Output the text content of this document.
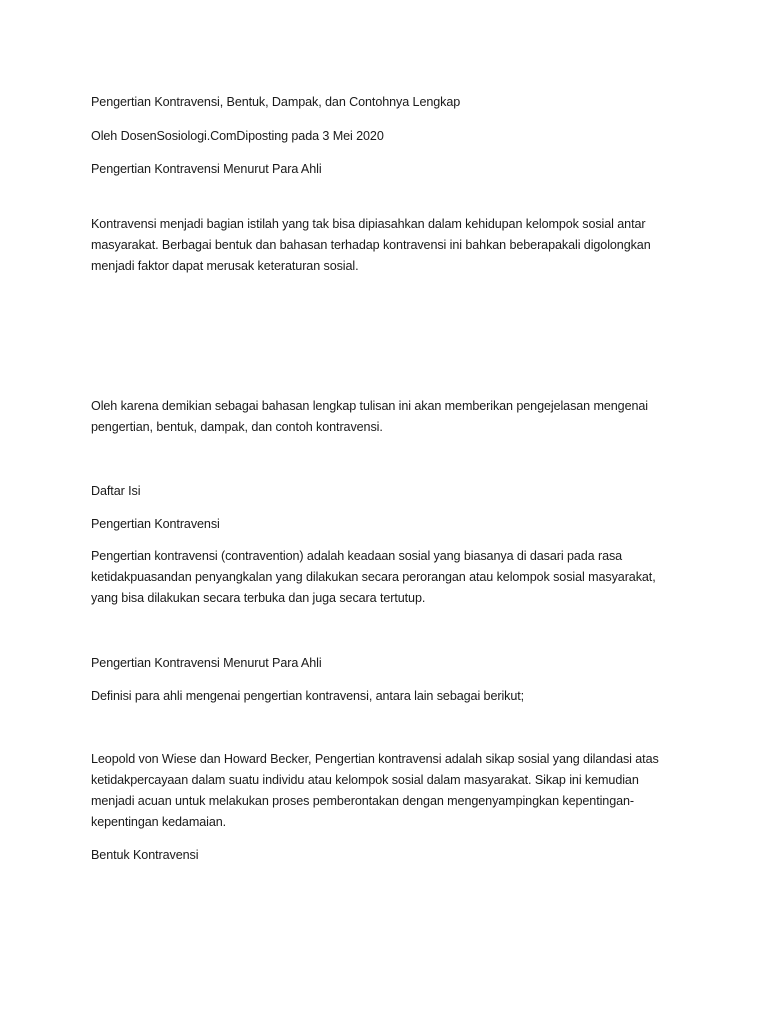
Pengertian Kontravensi, Bentuk, Dampak, dan Contohnya Lengkap

Oleh DosenSosiologi.ComDiposting pada 3 Mei 2020

Pengertian Kontravensi Menurut Para Ahli

Kontravensi menjadi bagian istilah yang tak bisa dipiasahkan dalam kehidupan kelompok sosial antar
masyarakat. Berbagai bentuk dan bahasan terhadap kontravensi ini bahkan beberapakali digolongkan
menjadi faktor dapat merusak keteraturan sosial.

Oleh karena demikian sebagai bahasan lengkap tulisan ini akan memberikan pengejelasan mengenai
pengertian, bentuk, dampak, dan contoh kontravensi.

Daftar Isi

Pengertian Kontravensi

Pengertian kontravensi (contravention) adalah keadaan sosial yang biasanya di dasari pada rasa
ketidakpuasandan penyangkalan yang dilakukan secara perorangan atau kelompok sosial masyarakat,
yang bisa dilakukan secara terbuka dan juga secara tertutup.

Pengertian Kontravensi Menurut Para Ahli

Definisi para ahli mengenai pengertian kontravensi, antara lain sebagai berikut;

Leopold von Wiese dan Howard Becker, Pengertian kontravensi adalah sikap sosial yang dilandasi atas
ketidakpercayaan dalam suatu individu atau kelompok sosial dalam masyarakat. Sikap ini kemudian
menjadi acuan untuk melakukan proses pemberontakan dengan mengenyampingkan kepentingan-
kepentingan kedamaian.

Bentuk Kontravensi
